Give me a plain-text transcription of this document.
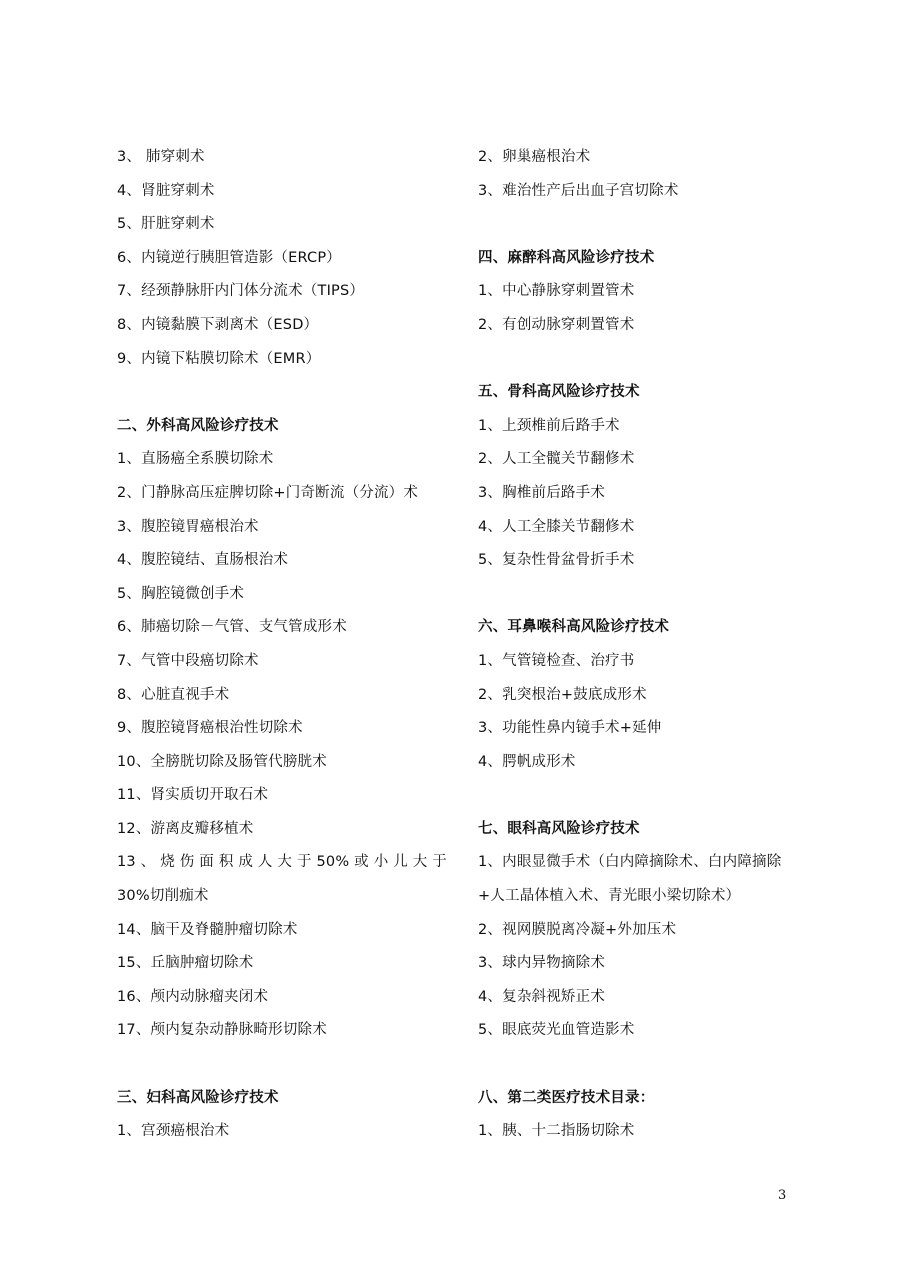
3、 肺穿刺术
4、肾脏穿刺术
5、肝脏穿刺术
6、内镜逆行胰胆管造影（ERCP）
7、经颈静脉肝内门体分流术（TIPS）
8、内镜黏膜下剥离术（ESD）
9、内镜下粘膜切除术（EMR）
二、外科高风险诊疗技术
1、直肠癌全系膜切除术
2、门静脉高压症脾切除+门奇断流（分流）术
3、腹腔镜胃癌根治术
4、腹腔镜结、直肠根治术
5、胸腔镜微创手术
6、肺癌切除－气管、支气管成形术
7、气管中段癌切除术
8、心脏直视手术
9、腹腔镜肾癌根治性切除术
10、全膀胱切除及肠管代膀胱术
11、肾实质切开取石术
12、游离皮瓣移植术
13、烧伤面积成人大于50%或小儿大于
30%切削痂术
14、脑干及脊髓肿瘤切除术
15、丘脑肿瘤切除术
16、颅内动脉瘤夹闭术
17、颅内复杂动静脉畸形切除术
三、妇科高风险诊疗技术
1、宫颈癌根治术
2、卵巢癌根治术
3、难治性产后出血子宫切除术
四、麻醉科高风险诊疗技术
1、中心静脉穿刺置管术
2、有创动脉穿刺置管术
五、骨科高风险诊疗技术
1、上颈椎前后路手术
2、人工全髋关节翻修术
3、胸椎前后路手术
4、人工全膝关节翻修术
5、复杂性骨盆骨折手术
六、耳鼻喉科高风险诊疗技术
1、气管镜检查、治疗书
2、乳突根治+鼓底成形术
3、功能性鼻内镜手术+延伸
4、腭帆成形术
七、眼科高风险诊疗技术
1、内眼显微手术（白内障摘除术、白内障摘除
+人工晶体植入术、青光眼小梁切除术）
2、视网膜脱离冷凝+外加压术
3、球内异物摘除术
4、复杂斜视矫正术
5、眼底荧光血管造影术
八、第二类医疗技术目录：
1、胰、十二指肠切除术
3
